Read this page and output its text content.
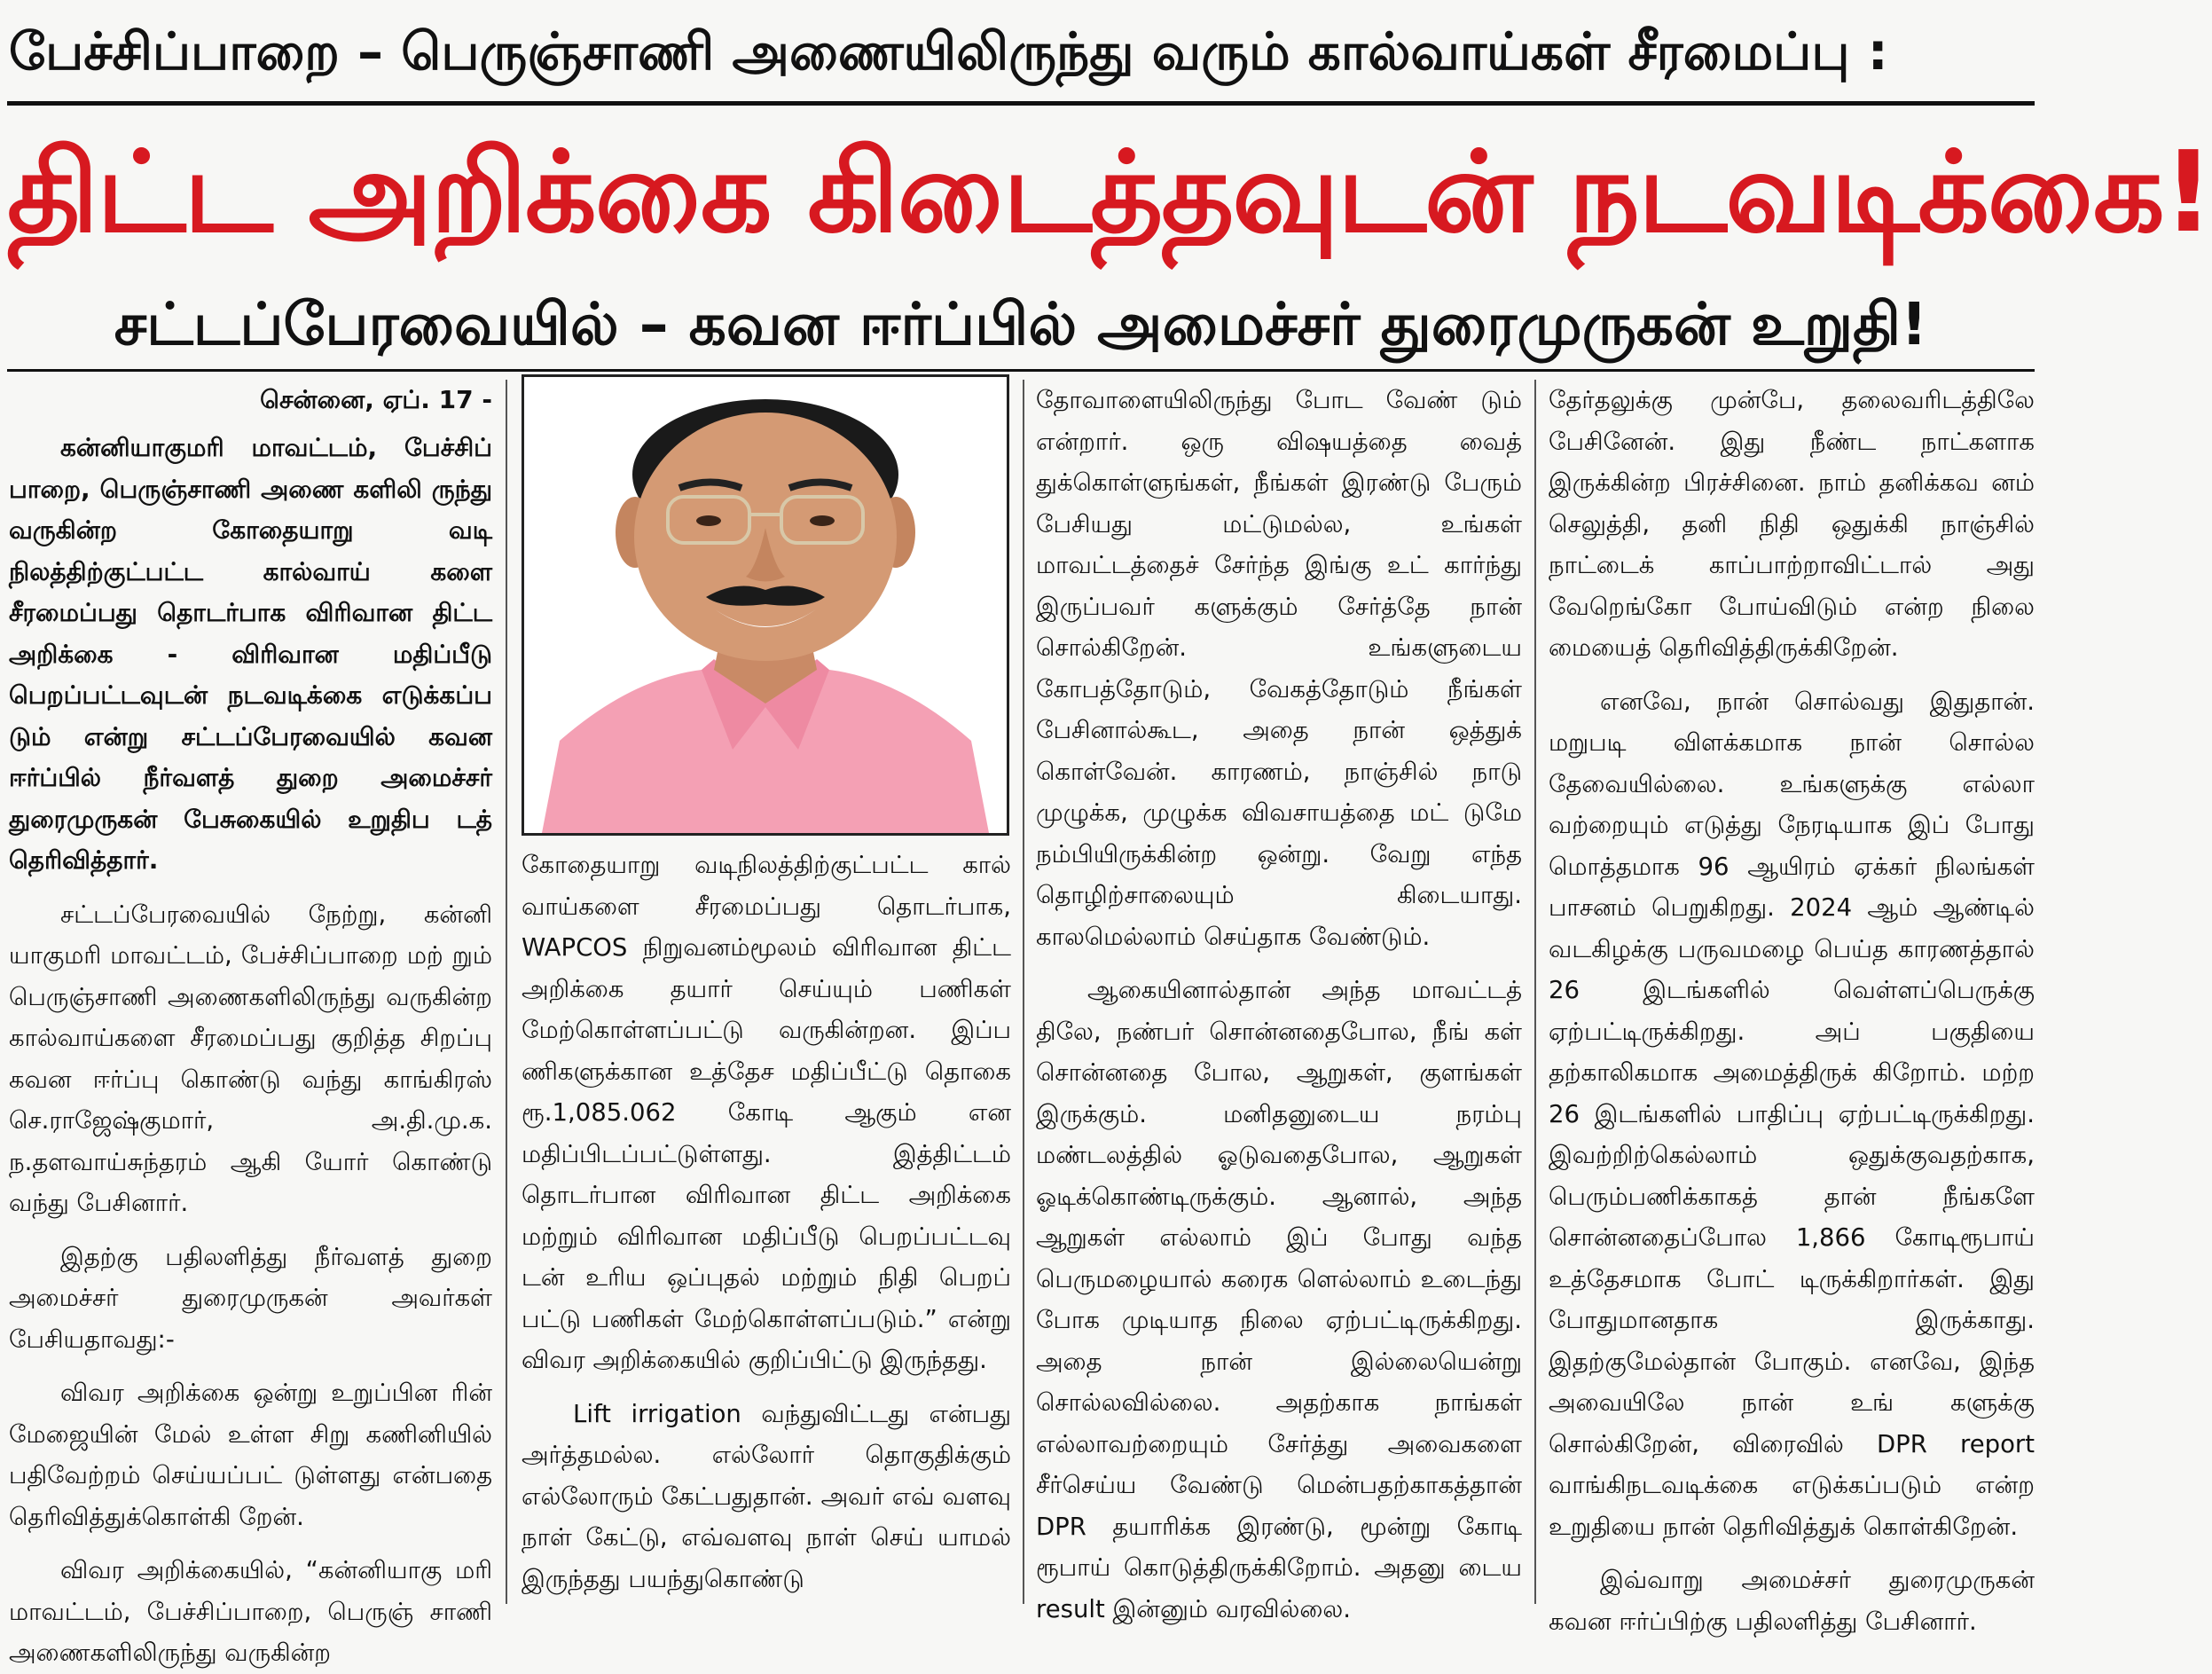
பேச்சிப்பாறை – பெருஞ்சாணி அணையிலிருந்து வரும் கால்வாய்கள் சீரமைப்பு :
திட்ட அறிக்கை கிடைத்தவுடன் நடவடிக்கை!
சட்டப்பேரவையில் – கவன ஈர்ப்பில் அமைச்சர் துரைமுருகன் உறுதி!
சென்னை, ஏப். 17 -

கன்னியாகுமரி மாவட்டம், பேச்சிப் பாறை, பெருஞ்சாணி அணை களிலி ருந்து வருகின்ற கோதையாறு வடி நிலத்திற்குட்பட்ட கால்வாய் களை சீரமைப்பது தொடர்பாக விரிவான திட்ட அறிக்கை - விரிவான மதிப்பீடு பெறப்பட்டவுடன் நடவடிக்கை எடுக்கப்ப டும் என்று சட்டப்பேரவையில் கவன ஈர்ப்பில் நீர்வளத் துறை அமைச்சர் துரைமுருகன் பேசுகையில் உறுதிப டத் தெரிவித்தார்.

சட்டப்பேரவையில் நேற்று, கன்னி யாகுமரி மாவட்டம், பேச்சிப்பாறை மற் றும் பெருஞ்சாணி அணைகளிலிருந்து வருகின்ற கால்வாய்களை சீரமைப்பது குறித்த சிறப்பு கவன ஈர்ப்பு கொண்டு வந்து காங்கிரஸ் செ.ராஜேஷ்குமார், அ.தி.மு.க. ந.தளவாய்சுந்தரம் ஆகி யோர் கொண்டு வந்து பேசினார்.

இதற்கு பதிலளித்து நீர்வளத் துறை அமைச்சர் துரைமுருகன் அவர்கள் பேசியதாவது:-

விவர அறிக்கை ஒன்று உறுப்பின ரின் மேஜையின் மேல் உள்ள சிறு கணினியில் பதிவேற்றம் செய்யப்பட் டுள்ளது என்பதை தெரிவித்துக்கொள்கி றேன்.

விவர அறிக்கையில், “கன்னியாகு மரி மாவட்டம், பேச்சிப்பாறை, பெருஞ் சாணி அணைகளிலிருந்து வருகின்ற

கோதையாறு வடிநிலத்திற்குட்பட்ட கால் வாய்களை சீரமைப்பது தொடர்பாக, WAPCOS நிறுவனம்மூலம் விரிவான திட்ட அறிக்கை தயார் செய்யும் பணிகள் மேற்கொள்ளப்பட்டு வருகின்றன. இப்ப ணிகளுக்கான உத்தேச மதிப்பீட்டு தொகை ரூ.1,085.062 கோடி ஆகும் என மதிப்பிடப்பட்டுள்ளது. இத்திட்டம் தொடர்பான விரிவான திட்ட அறிக்கை மற்றும் விரிவான மதிப்பீடு பெறப்பட்டவு டன் உரிய ஒப்புதல் மற்றும் நிதி பெறப் பட்டு பணிகள் மேற்கொள்ளப்படும்.” என்று விவர அறிக்கையில் குறிப்பிட்டு இருந்தது.

Lift irrigation வந்துவிட்டது என்பது அர்த்தமல்ல. எல்லோர் தொகுதிக்கும் எல்லோரும் கேட்பதுதான். அவர் எவ் வளவு நாள் கேட்டு, எவ்வளவு நாள் செய் யாமல் இருந்தது பயந்துகொண்டு

தோவாளையிலிருந்து போட வேண் டும் என்றார். ஒரு விஷயத்தை வைத் துக்கொள்ளுங்கள், நீங்கள் இரண்டு பேரும் பேசியது மட்டுமல்ல, உங்கள் மாவட்டத்தைச் சேர்ந்த இங்கு உட் கார்ந்து இருப்பவர் களுக்கும் சேர்த்தே நான் சொல்கிறேன். உங்களுடைய கோபத்தோடும், வேகத்தோடும் நீங்கள் பேசினால்கூட, அதை நான் ஒத்துக் கொள்வேன். காரணம், நாஞ்சில் நாடு முழுக்க, முழுக்க விவசாயத்தை மட் டுமே நம்பியிருக்கின்ற ஒன்று. வேறு எந்த தொழிற்சாலையும் கிடையாது. காலமெல்லாம் செய்தாக வேண்டும்.

ஆகையினால்தான் அந்த மாவட்டத் திலே, நண்பர் சொன்னதைபோல, நீங் கள் சொன்னதை போல, ஆறுகள், குளங்கள் இருக்கும். மனிதனுடைய நரம்பு மண்டலத்தில் ஓடுவதைபோல, ஆறுகள் ஓடிக்கொண்டிருக்கும். ஆனால், அந்த ஆறுகள் எல்லாம் இப் போது வந்த பெருமழையால் கரைக ளெல்லாம் உடைந்து போக முடியாத நிலை ஏற்பட்டிருக்கிறது. அதை நான் இல்லையென்று சொல்லவில்லை. அதற்காக நாங்கள் எல்லாவற்றையும் சேர்த்து அவைகளை சீர்செய்ய வேண்டு மென்பதற்காகத்தான் DPR தயாரிக்க இரண்டு, மூன்று கோடி ரூபாய் கொடுத்திருக்கிறோம். அதனு டைய result இன்னும் வரவில்லை.

தேர்தலுக்கு முன்பே, தலைவரிடத்திலே பேசினேன். இது நீண்ட நாட்களாக இருக்கின்ற பிரச்சினை. நாம் தனிக்கவ னம் செலுத்தி, தனி நிதி ஒதுக்கி நாஞ்சில் நாட்டைக் காப்பாற்றாவிட்டால் அது வேறெங்கோ போய்விடும் என்ற நிலை மையைத் தெரிவித்திருக்கிறேன்.

எனவே, நான் சொல்வது இதுதான். மறுபடி விளக்கமாக நான் சொல்ல தேவையில்லை. உங்களுக்கு எல்லா வற்றையும் எடுத்து நேரடியாக இப் போது மொத்தமாக 96 ஆயிரம் ஏக்கர் நிலங்கள் பாசனம் பெறுகிறது. 2024 ஆம் ஆண்டில் வடகிழக்கு பருவமழை பெய்த காரணத்தால் 26 இடங்களில் வெள்ளப்பெருக்கு ஏற்பட்டிருக்கிறது. அப் பகுதியை தற்காலிகமாக அமைத்திருக் கிறோம். மற்ற 26 இடங்களில் பாதிப்பு ஏற்பட்டிருக்கிறது. இவற்றிற்கெல்லாம் ஒதுக்குவதற்காக, பெரும்பணிக்காகத் தான் நீங்களே சொன்னதைப்போல 1,866 கோடிரூபாய் உத்தேசமாக போட் டிருக்கிறார்கள். இது போதுமானதாக இருக்காது. இதற்குமேல்தான் போகும். எனவே, இந்த அவையிலே நான் உங் களுக்கு சொல்கிறேன், விரைவில் DPR report வாங்கிநடவடிக்கை எடுக்கப்படும் என்ற உறுதியை நான் தெரிவித்துக் கொள்கிறேன்.

இவ்வாறு அமைச்சர் துரைமுருகன் கவன ஈர்ப்பிற்கு பதிலளித்து பேசினார்.
